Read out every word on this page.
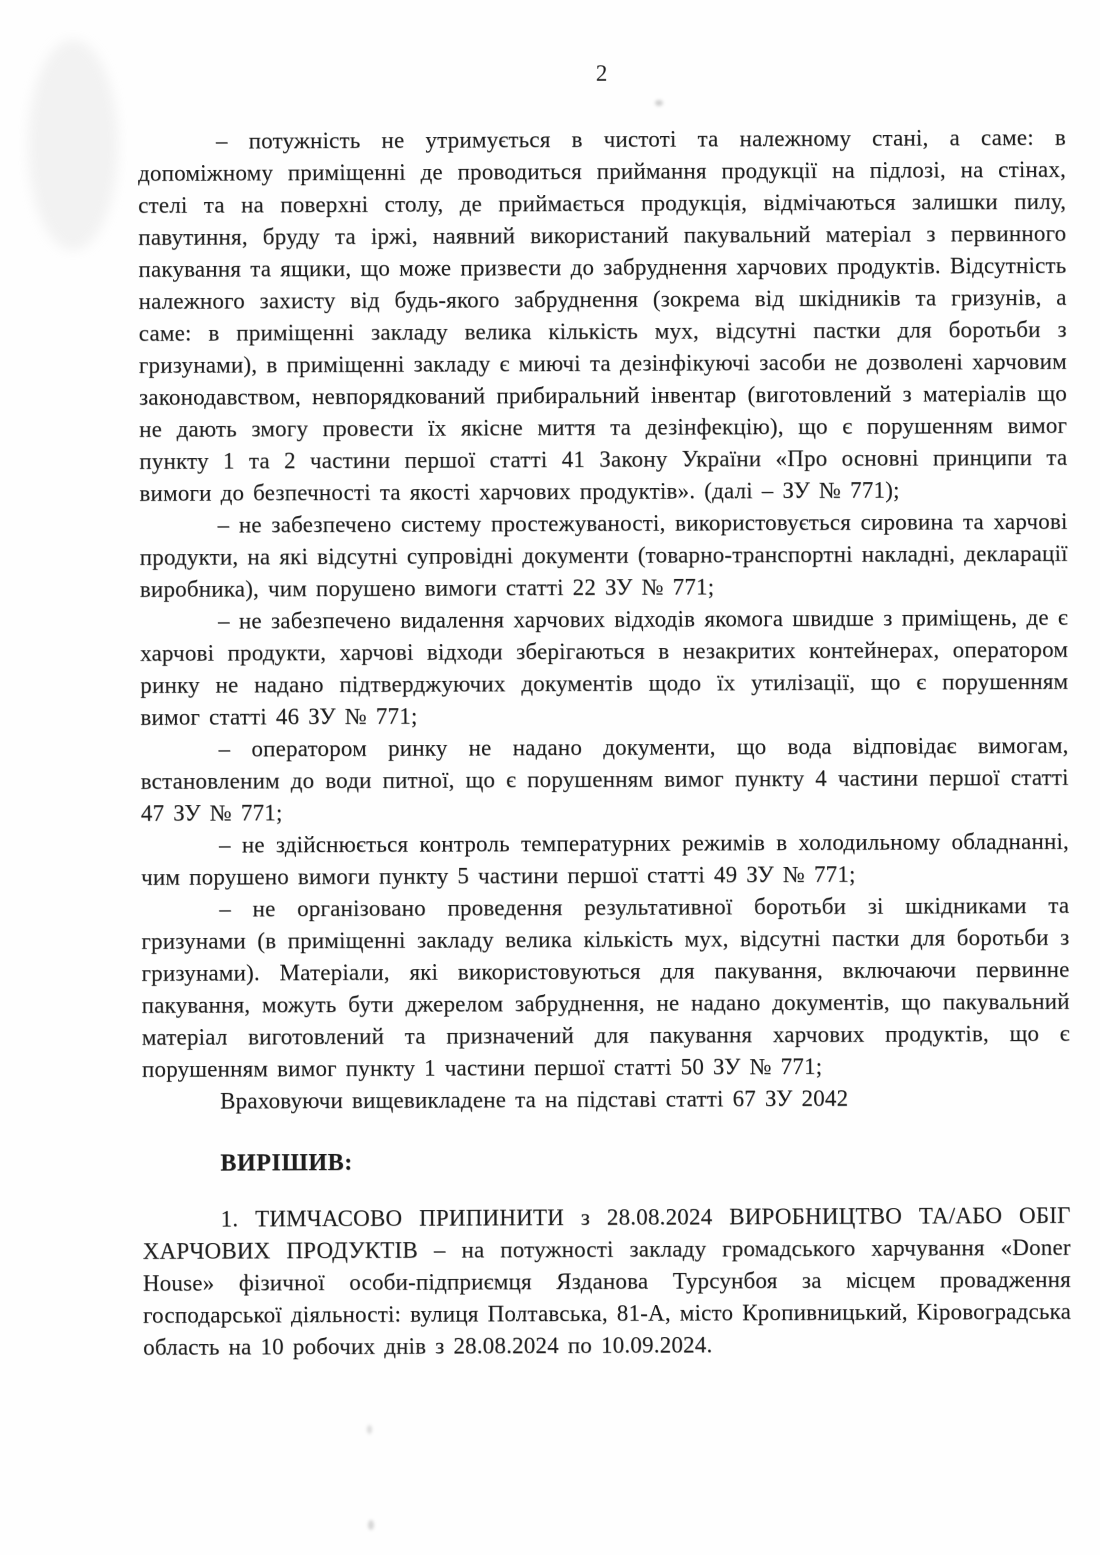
2

– потужність не утримується в чистоті та належному стані, а саме: в допоміжному приміщенні де проводиться приймання продукції на підлозі, на стінах, стелі та на поверхні столу, де приймається продукція, відмічаються залишки пилу, павутиння, бруду та іржі, наявний використаний пакувальний матеріал з первинного пакування та ящики, що може призвести до забруднення харчових продуктів. Відсутність належного захисту від будь-якого забруднення (зокрема від шкідників та гризунів, а саме: в приміщенні закладу велика кількість мух, відсутні пастки для боротьби з гризунами), в приміщенні закладу є миючі та дезінфікуючі засоби не дозволені харчовим законодавством, невпорядкований прибиральний інвентар (виготовлений з матеріалів що не дають змогу провести їх якісне миття та дезінфекцію), що є порушенням вимог пункту 1 та 2 частини першої статті 41 Закону України «Про основні принципи та вимоги до безпечності та якості харчових продуктів». (далі – ЗУ № 771);

– не забезпечено систему простежуваності, використовується сировина та харчові продукти, на які відсутні супровідні документи (товарно-транспортні накладні, декларації виробника), чим порушено вимоги статті 22 ЗУ № 771;

– не забезпечено видалення харчових відходів якомога швидше з приміщень, де є харчові продукти, харчові відходи зберігаються в незакритих контейнерах, оператором ринку не надано підтверджуючих документів щодо їх утилізації, що є порушенням вимог статті 46 ЗУ № 771;

– оператором ринку не надано документи, що вода відповідає вимогам, встановленим до води питної, що є порушенням вимог пункту 4 частини першої статті 47 ЗУ № 771;

– не здійснюється контроль температурних режимів в холодильному обладнанні, чим порушено вимоги пункту 5 частини першої статті 49 ЗУ № 771;

– не організовано проведення результативної боротьби зі шкідниками та гризунами (в приміщенні закладу велика кількість мух, відсутні пастки для боротьби з гризунами). Матеріали, які використовуються для пакування, включаючи первинне пакування, можуть бути джерелом забруднення, не надано документів, що пакувальний матеріал виготовлений та призначений для пакування харчових продуктів, що є порушенням вимог пункту 1 частини першої статті 50 ЗУ № 771;

Враховуючи вищевикладене та на підставі статті 67 ЗУ 2042

ВИРІШИВ:

1. ТИМЧАСОВО ПРИПИНИТИ з 28.08.2024 ВИРОБНИЦТВО ТА/АБО ОБІГ ХАРЧОВИХ ПРОДУКТІВ – на потужності закладу громадського харчування «Doner House» фізичної особи-підприємця Язданова Турсунбоя за місцем провадження господарської діяльності: вулиця Полтавська, 81-А, місто Кропивницький, Кіровоградська область на 10 робочих днів з 28.08.2024 по 10.09.2024.
